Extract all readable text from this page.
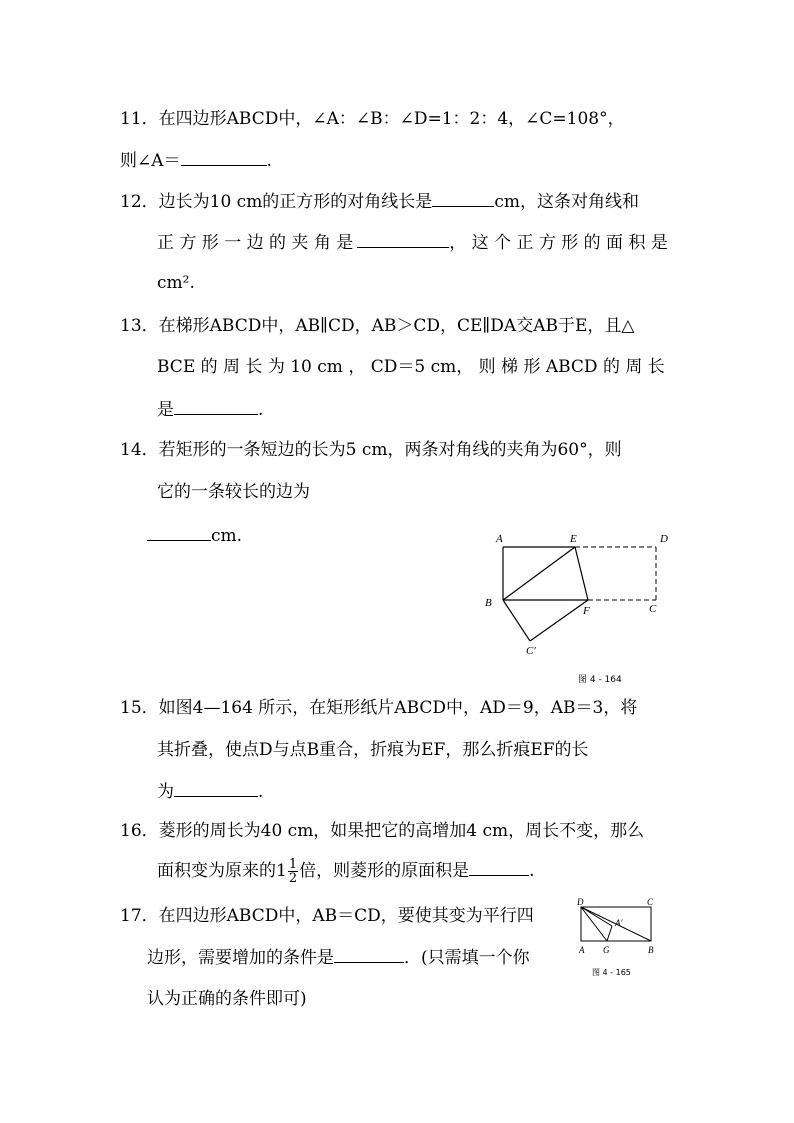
11．在四边形ABCD中，∠A：∠B：∠D=1：2：4，∠C=108°，
则∠A＝	.
12．边长为10 cm的正方形的对角线长是	cm，这条对角线和
正 方 形 一 边 的 夹 角 是	， 这 个 正 方 形 的 面 积 是
cm².
13．在梯形ABCD中，AB∥CD，AB＞CD，CE∥DA交AB于E，且△
BCE 的 周 长 为 10 cm ， CD＝5 cm， 则 梯 形 ABCD 的 周 长
是	.
14．若矩形的一条短边的长为5 cm，两条对角线的夹角为60°，则
它的一条较长的边为
cm.	A	E	D
B
F	C
C′
图 4 - 164
15．如图4—164 所示，在矩形纸片ABCD中，AD＝9，AB＝3，将
其折叠，使点D与点B重合，折痕为EF，那么折痕EF的长
为	.
16．菱形的周长为40 cm，如果把它的高增加4 cm，周长不变，那么
面积变为原来的$1 \frac{1}{2}$ 倍，则菱形的原面积是	.
17．在四边形ABCD中，AB＝CD，要使其变为平行四
边形，需要增加的条件是	．(只需填一个你
认为正确的条件即可)
D	C
A′
A G	B
图 4 - 165
